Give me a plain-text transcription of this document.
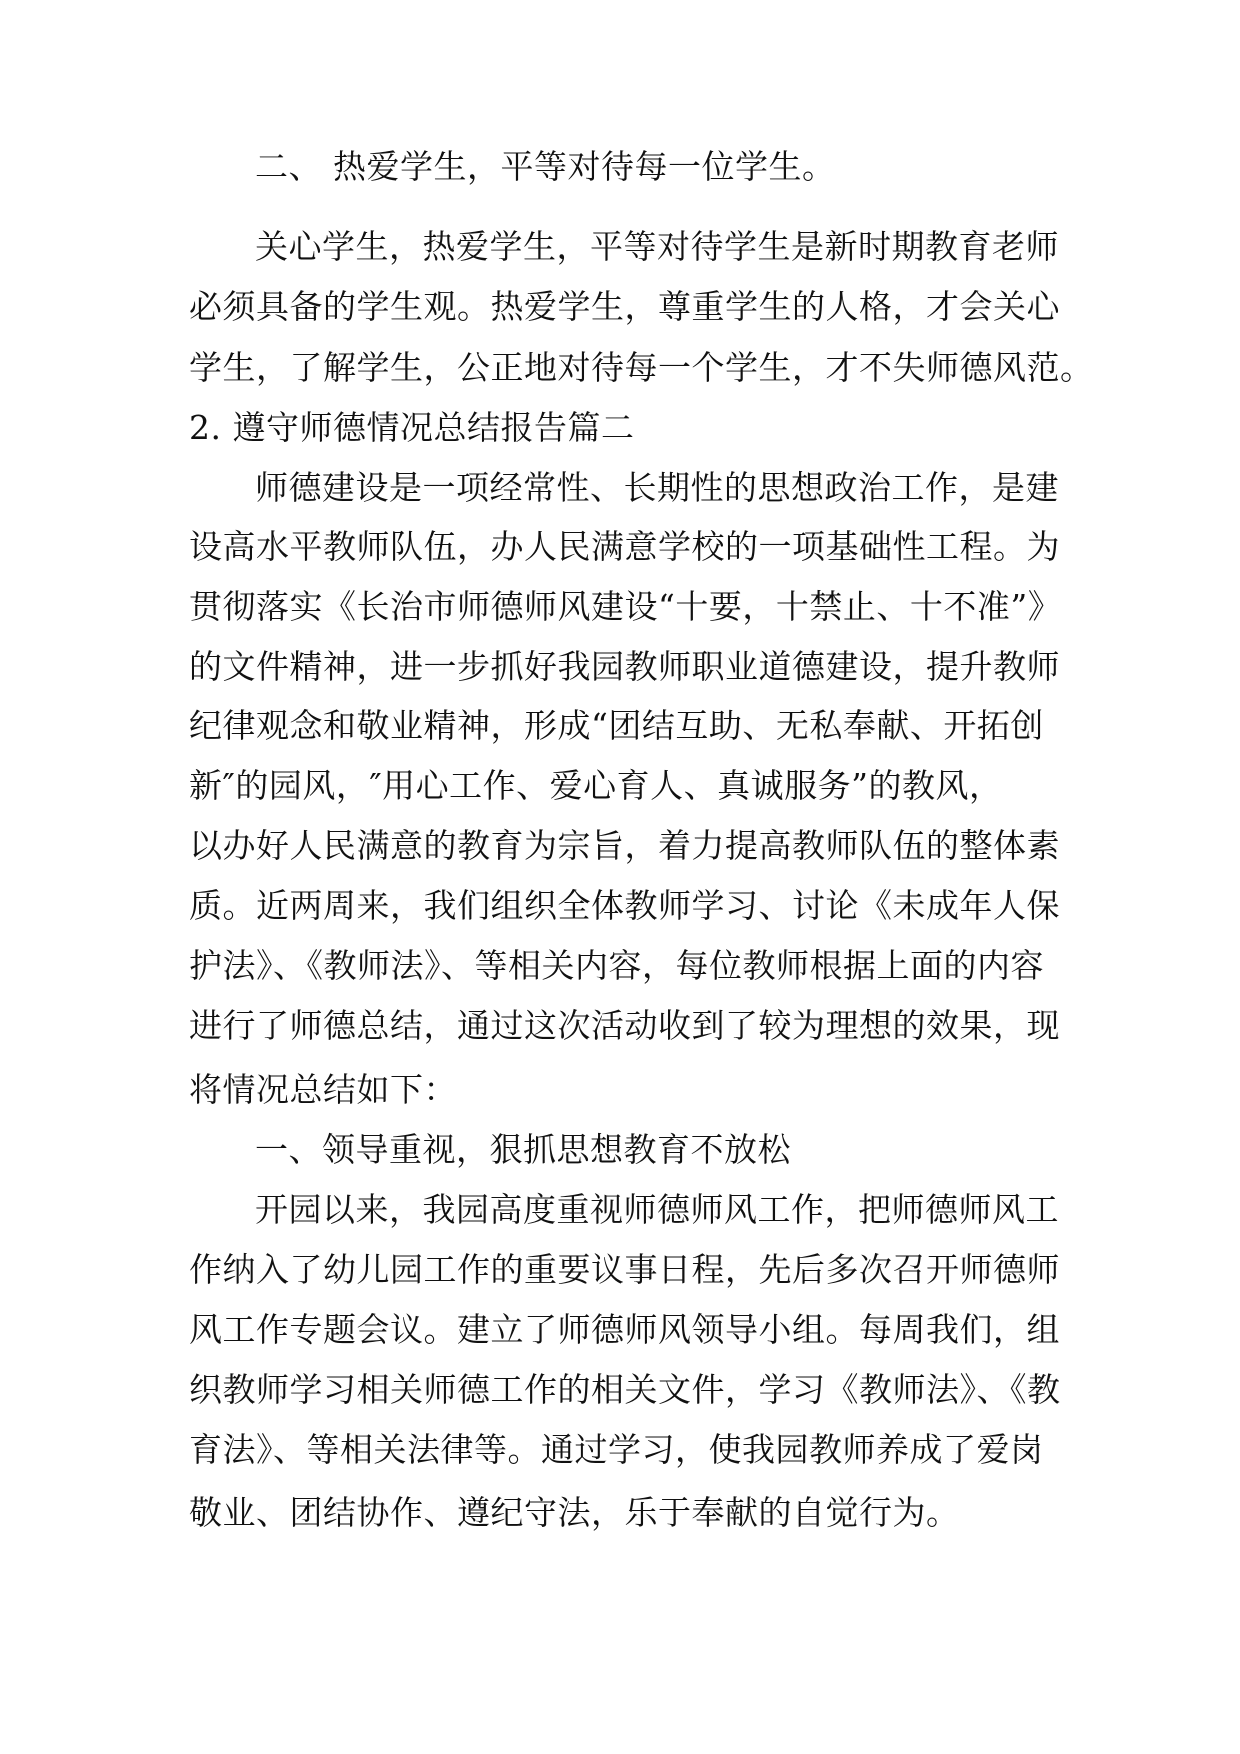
二、 热爱学生，平等对待每一位学生。
关心学生，热爱学生，平等对待学生是新时期教育老师
必须具备的学生观。热爱学生，尊重学生的人格，才会关心
学生，了解学生，公正地对待每一个学生，才不失师德风范。
2. 遵守师德情况总结报告篇二
师德建设是一项经常性、长期性的思想政治工作，是建
设高水平教师队伍，办人民满意学校的一项基础性工程。为
贯彻落实《长治市师德师风建设“十要，十禁止、十不准”》
的文件精神，进一步抓好我园教师职业道德建设，提升教师
纪律观念和敬业精神，形成“团结互助、无私奉献、开拓创
新″的园风，″用心工作、爱心育人、真诚服务”的教风，
以办好人民满意的教育为宗旨，着力提高教师队伍的整体素
质。近两周来，我们组织全体教师学习、讨论《未成年人保
护法》、《教师法》、等相关内容，每位教师根据上面的内容
进行了师德总结，通过这次活动收到了较为理想的效果，现
将情况总结如下：
一、领导重视，狠抓思想教育不放松
开园以来，我园高度重视师德师风工作，把师德师风工
作纳入了幼儿园工作的重要议事日程，先后多次召开师德师
风工作专题会议。建立了师德师风领导小组。每周我们，组
织教师学习相关师德工作的相关文件，学习《教师法》、《教
育法》、等相关法律等。通过学习，使我园教师养成了爱岗
敬业、团结协作、遵纪守法，乐于奉献的自觉行为。
